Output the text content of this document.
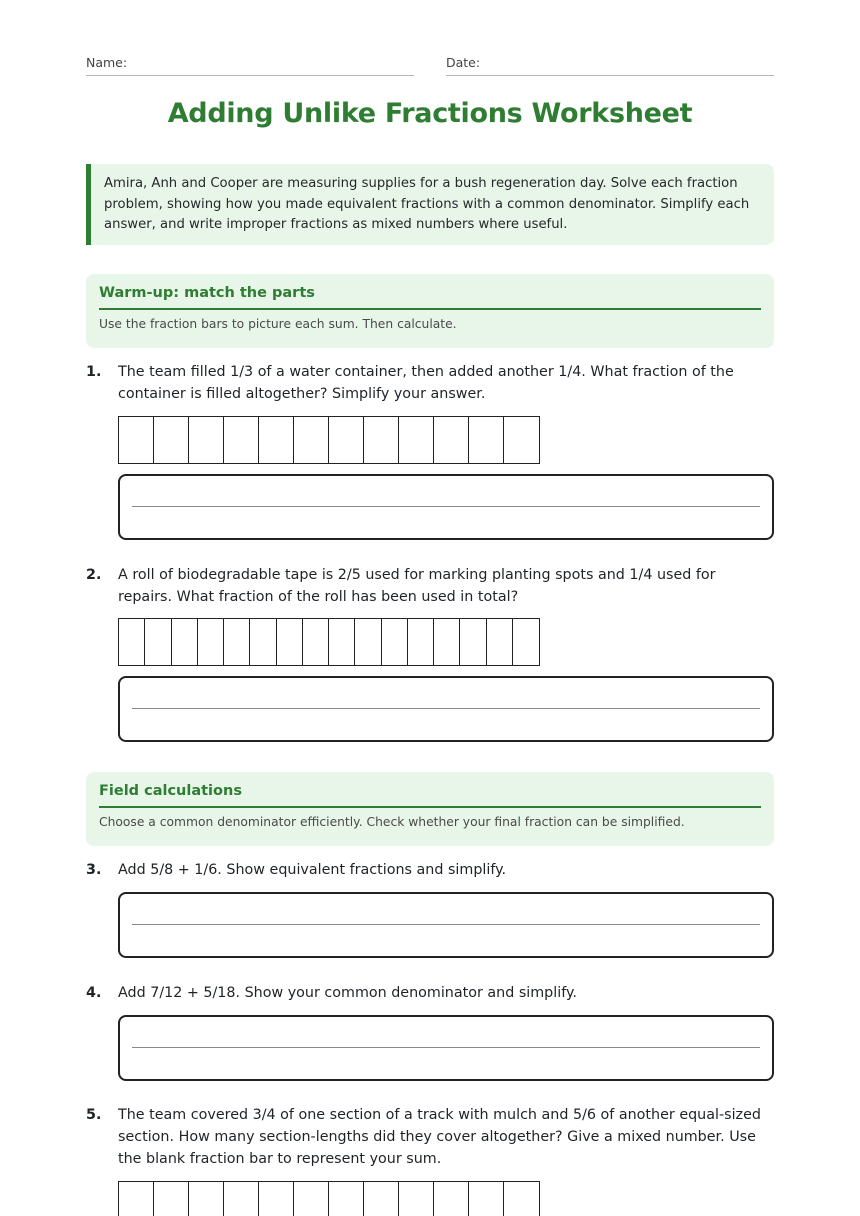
Name:	Date:
Adding Unlike Fractions Worksheet
Amira, Anh and Cooper are measuring supplies for a bush regeneration day. Solve each fraction problem, showing how you made equivalent fractions with a common denominator. Simplify each answer, and write improper fractions as mixed numbers where useful.
Warm-up: match the parts
Use the fraction bars to picture each sum. Then calculate.
1. The team filled 1/3 of a water container, then added another 1/4. What fraction of the container is filled altogether? Simplify your answer.
2. A roll of biodegradable tape is 2/5 used for marking planting spots and 1/4 used for repairs. What fraction of the roll has been used in total?
Field calculations
Choose a common denominator efficiently. Check whether your final fraction can be simplified.
3. Add 5/8 + 1/6. Show equivalent fractions and simplify.
4. Add 7/12 + 5/18. Show your common denominator and simplify.
5. The team covered 3/4 of one section of a track with mulch and 5/6 of another equal-sized section. How many section-lengths did they cover altogether? Give a mixed number. Use the blank fraction bar to represent your sum.
